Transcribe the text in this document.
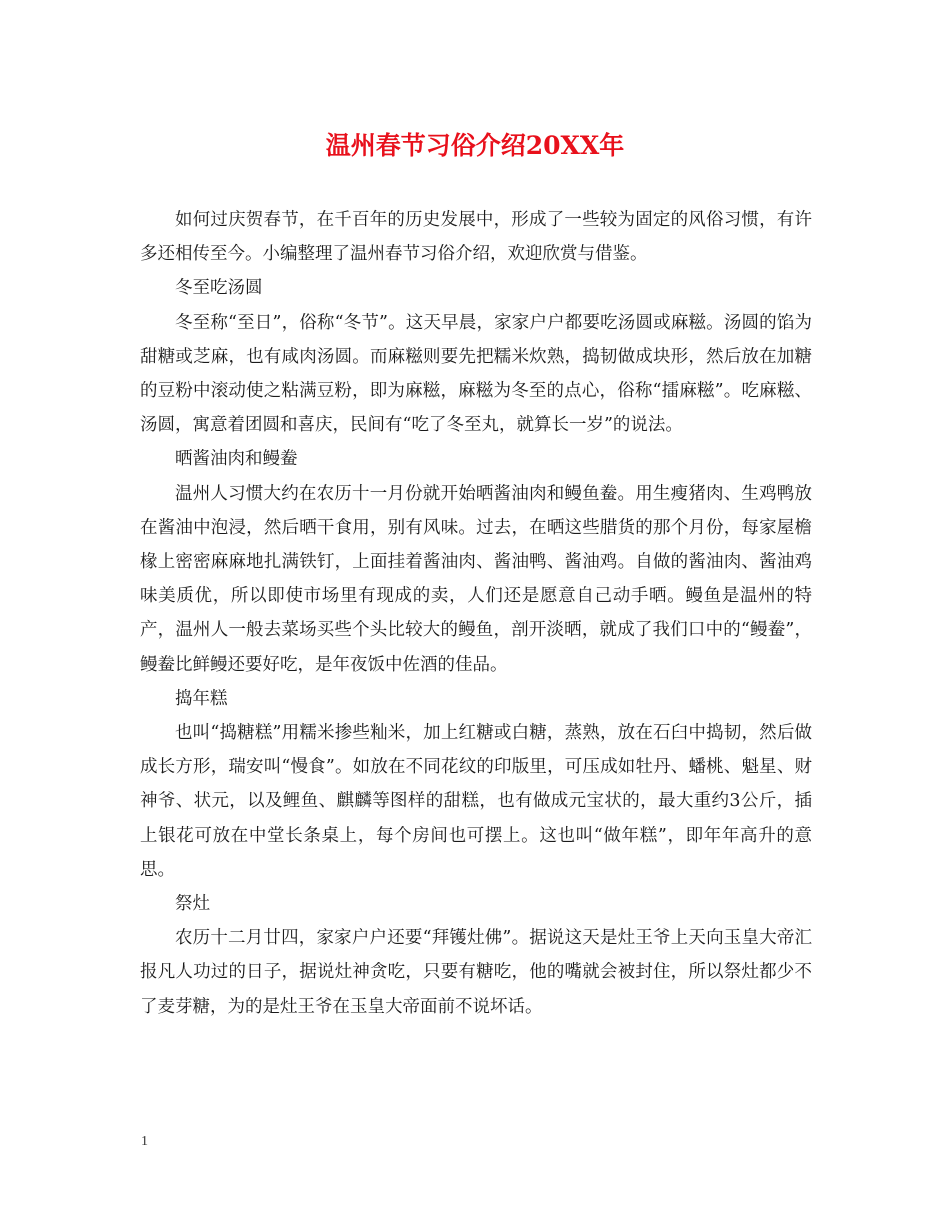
温州春节习俗介绍20XX年

如何过庆贺春节，在千百年的历史发展中，形成了一些较为固定的风俗习惯，有许多还相传至今。小编整理了温州春节习俗介绍，欢迎欣赏与借鉴。

冬至吃汤圆

冬至称“至日”，俗称“冬节”。这天早晨，家家户户都要吃汤圆或麻糍。汤圆的馅为甜糖或芝麻，也有咸肉汤圆。而麻糍则要先把糯米炊熟，捣韧做成块形，然后放在加糖的豆粉中滚动使之粘满豆粉，即为麻糍，麻糍为冬至的点心，俗称“擂麻糍”。吃麻糍、汤圆，寓意着团圆和喜庆，民间有“吃了冬至丸，就算长一岁”的说法。

晒酱油肉和鳗鲞

温州人习惯大约在农历十一月份就开始晒酱油肉和鳗鱼鲞。用生瘦猪肉、生鸡鸭放在酱油中泡浸，然后晒干食用，别有风味。过去，在晒这些腊货的那个月份，每家屋檐椽上密密麻麻地扎满铁钉，上面挂着酱油肉、酱油鸭、酱油鸡。自做的酱油肉、酱油鸡味美质优，所以即使市场里有现成的卖，人们还是愿意自己动手晒。鳗鱼是温州的特产，温州人一般去菜场买些个头比较大的鳗鱼，剖开淡晒，就成了我们口中的“鳗鲞”，鳗鲞比鲜鳗还要好吃，是年夜饭中佐酒的佳品。

捣年糕

也叫“捣糖糕”用糯米掺些籼米，加上红糖或白糖，蒸熟，放在石臼中捣韧，然后做成长方形，瑞安叫“慢食”。如放在不同花纹的印版里，可压成如牡丹、蟠桃、魁星、财神爷、状元，以及鲤鱼、麒麟等图样的甜糕，也有做成元宝状的，最大重约3公斤，插上银花可放在中堂长条桌上，每个房间也可摆上。这也叫“做年糕”，即年年高升的意思。

祭灶

农历十二月廿四，家家户户还要“拜镬灶佛”。据说这天是灶王爷上天向玉皇大帝汇报凡人功过的日子，据说灶神贪吃，只要有糖吃，他的嘴就会被封住，所以祭灶都少不了麦芽糖，为的是灶王爷在玉皇大帝面前不说坏话。

1
